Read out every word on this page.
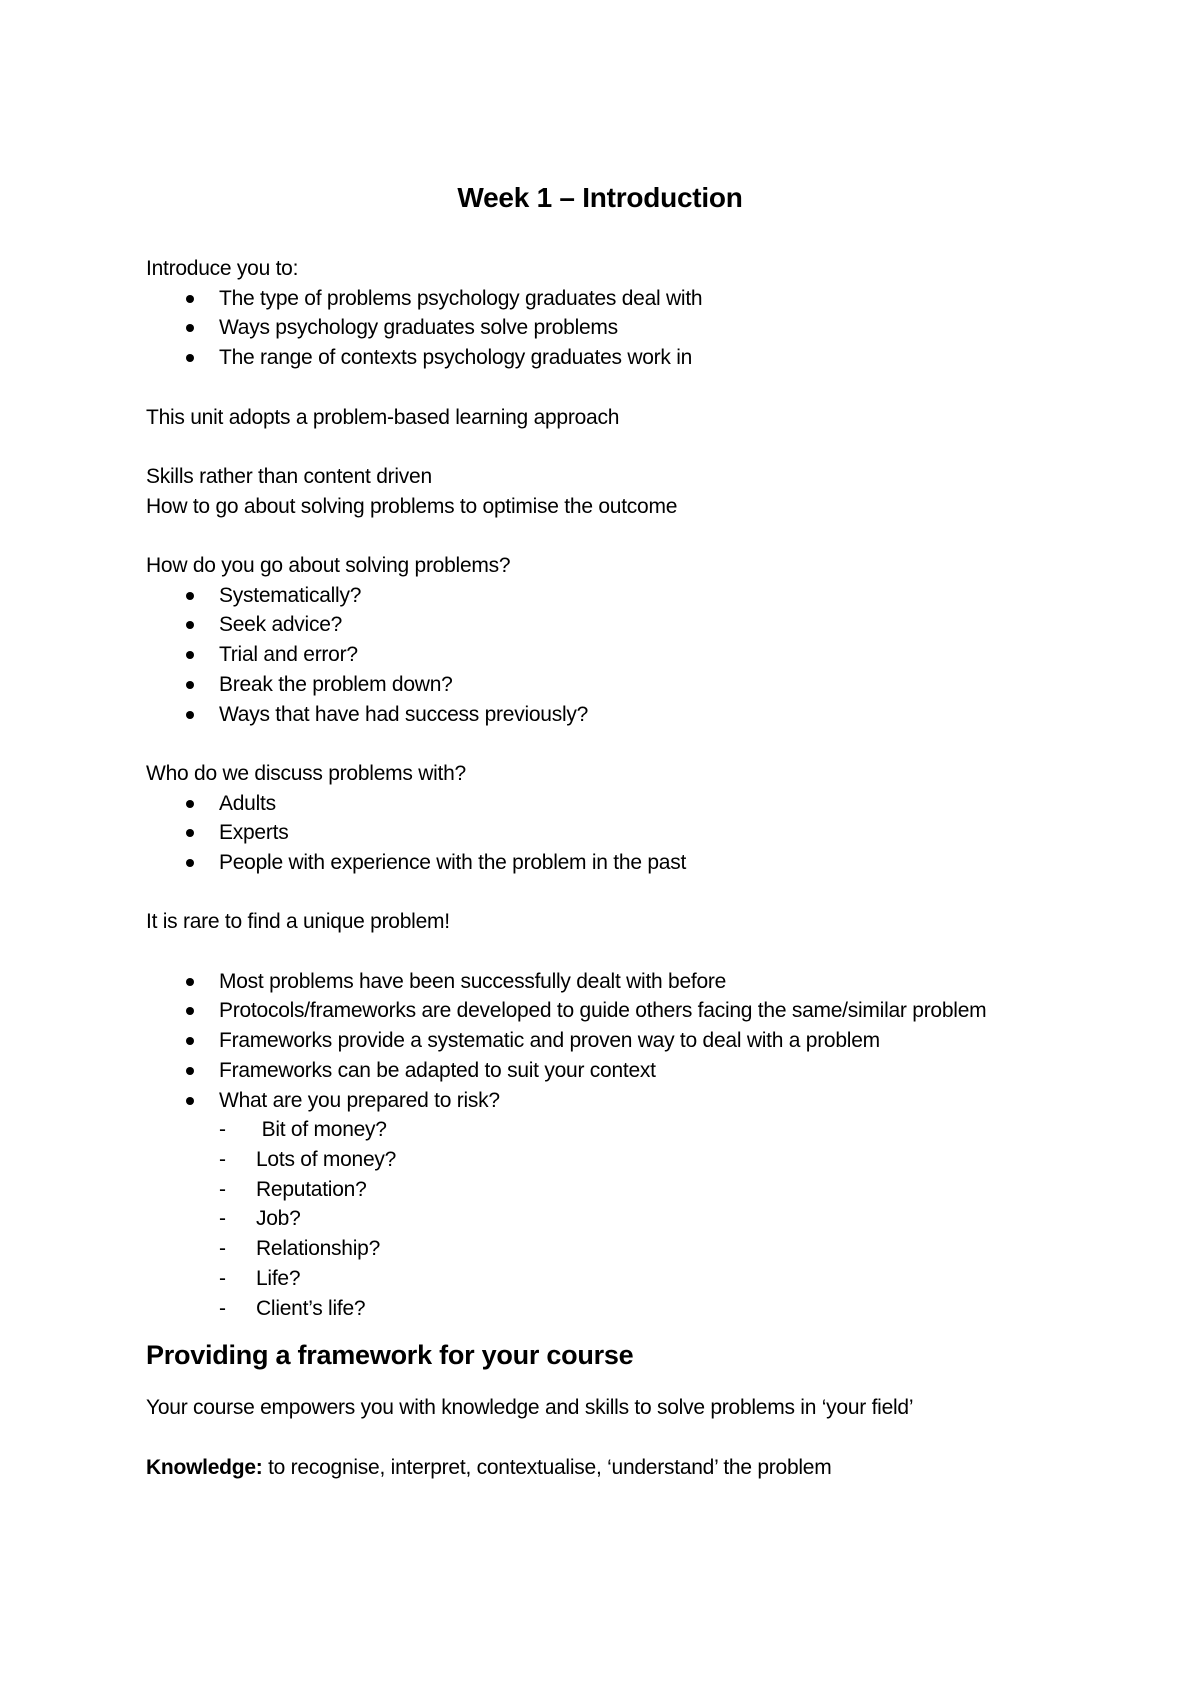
Week 1 – Introduction

Introduce you to:

The type of problems psychology graduates deal with
Ways psychology graduates solve problems
The range of contexts psychology graduates work in

This unit adopts a problem-based learning approach

Skills rather than content driven

How to go about solving problems to optimise the outcome

How do you go about solving problems?

Systematically?
Seek advice?
Trial and error?
Break the problem down?
Ways that have had success previously?

Who do we discuss problems with?

Adults
Experts
People with experience with the problem in the past

It is rare to find a unique problem!

Most problems have been successfully dealt with before
Protocols/frameworks are developed to guide others facing the same/similar problem
Frameworks provide a systematic and proven way to deal with a problem
Frameworks can be adapted to suit your context
What are you prepared to risk?
-  Bit of money?
- Lots of money?
- Reputation?
- Job?
- Relationship?
- Life?
- Client’s life?
Providing a framework for your course

Your course empowers you with knowledge and skills to solve problems in ‘your field’

Knowledge: to recognise, interpret, contextualise, ‘understand’ the problem
